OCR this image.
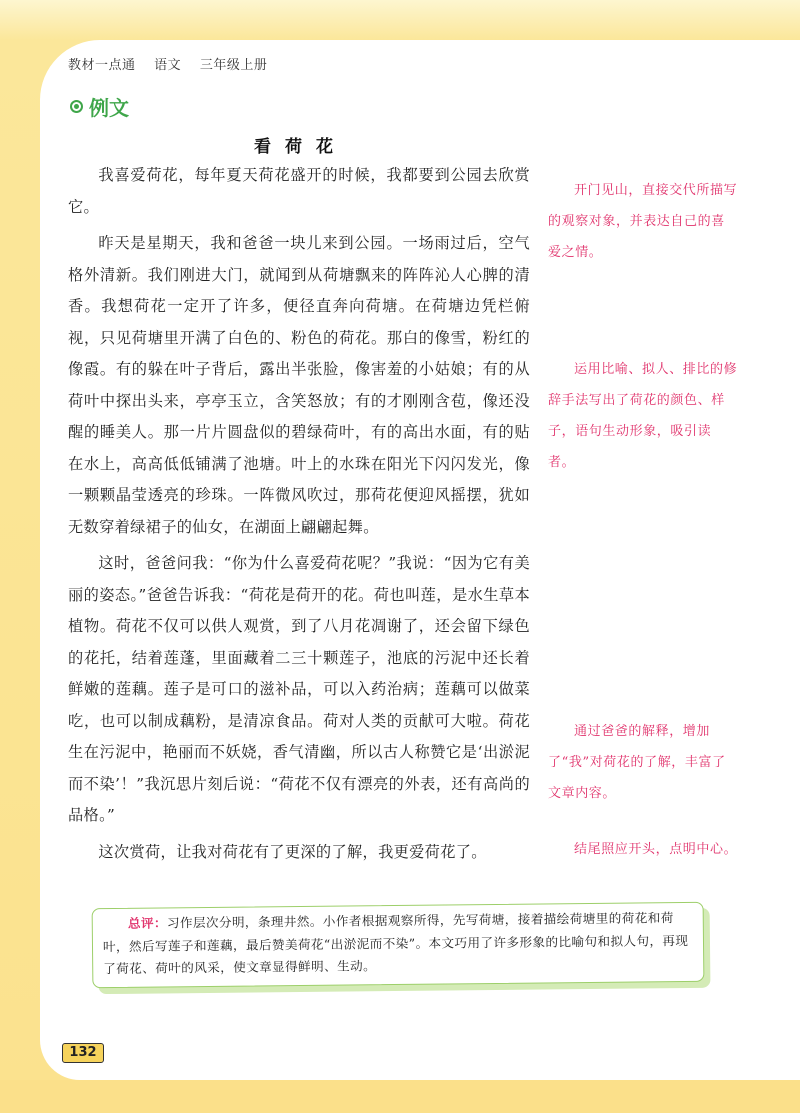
教材一点通 语文 三年级上册
例文
看荷花

我喜爱荷花，每年夏天荷花盛开的时候，我都要到公园去欣赏它。

昨天是星期天，我和爸爸一块儿来到公园。一场雨过后，空气格外清新。我们刚进大门，就闻到从荷塘飘来的阵阵沁人心脾的清香。我想荷花一定开了许多，便径直奔向荷塘。在荷塘边凭栏俯视，只见荷塘里开满了白色的、粉色的荷花。那白的像雪，粉红的像霞。有的躲在叶子背后，露出半张脸，像害羞的小姑娘；有的从荷叶中探出头来，亭亭玉立，含笑怒放；有的才刚刚含苞，像还没醒的睡美人。那一片片圆盘似的碧绿荷叶，有的高出水面，有的贴在水上，高高低低铺满了池塘。叶上的水珠在阳光下闪闪发光，像一颗颗晶莹透亮的珍珠。一阵微风吹过，那荷花便迎风摇摆，犹如无数穿着绿裙子的仙女，在湖面上翩翩起舞。

这时，爸爸问我：“你为什么喜爱荷花呢？”我说：“因为它有美丽的姿态。”爸爸告诉我：“荷花是荷开的花。荷也叫莲，是水生草本植物。荷花不仅可以供人观赏，到了八月花凋谢了，还会留下绿色的花托，结着莲蓬，里面藏着二三十颗莲子，池底的污泥中还长着鲜嫩的莲藕。莲子是可口的滋补品，可以入药治病；莲藕可以做菜吃，也可以制成藕粉，是清凉食品。荷对人类的贡献可大啦。荷花生在污泥中，艳丽而不妖娆，香气清幽，所以古人称赞它是‘出淤泥而不染’！”我沉思片刻后说：“荷花不仅有漂亮的外表，还有高尚的品格。”

这次赏荷，让我对荷花有了更深的了解，我更爱荷花了。

开门见山，直接交代所描写的观察对象，并表达自己的喜爱之情。
运用比喻、拟人、排比的修辞手法写出了荷花的颜色、样子，语句生动形象，吸引读者。
通过爸爸的解释，增加了“我”对荷花的了解，丰富了文章内容。
结尾照应开头，点明中心。
总评：习作层次分明，条理井然。小作者根据观察所得，先写荷塘，接着描绘荷塘里的荷花和荷叶，然后写莲子和莲藕，最后赞美荷花“出淤泥而不染”。本文巧用了许多形象的比喻句和拟人句，再现了荷花、荷叶的风采，使文章显得鲜明、生动。
132
